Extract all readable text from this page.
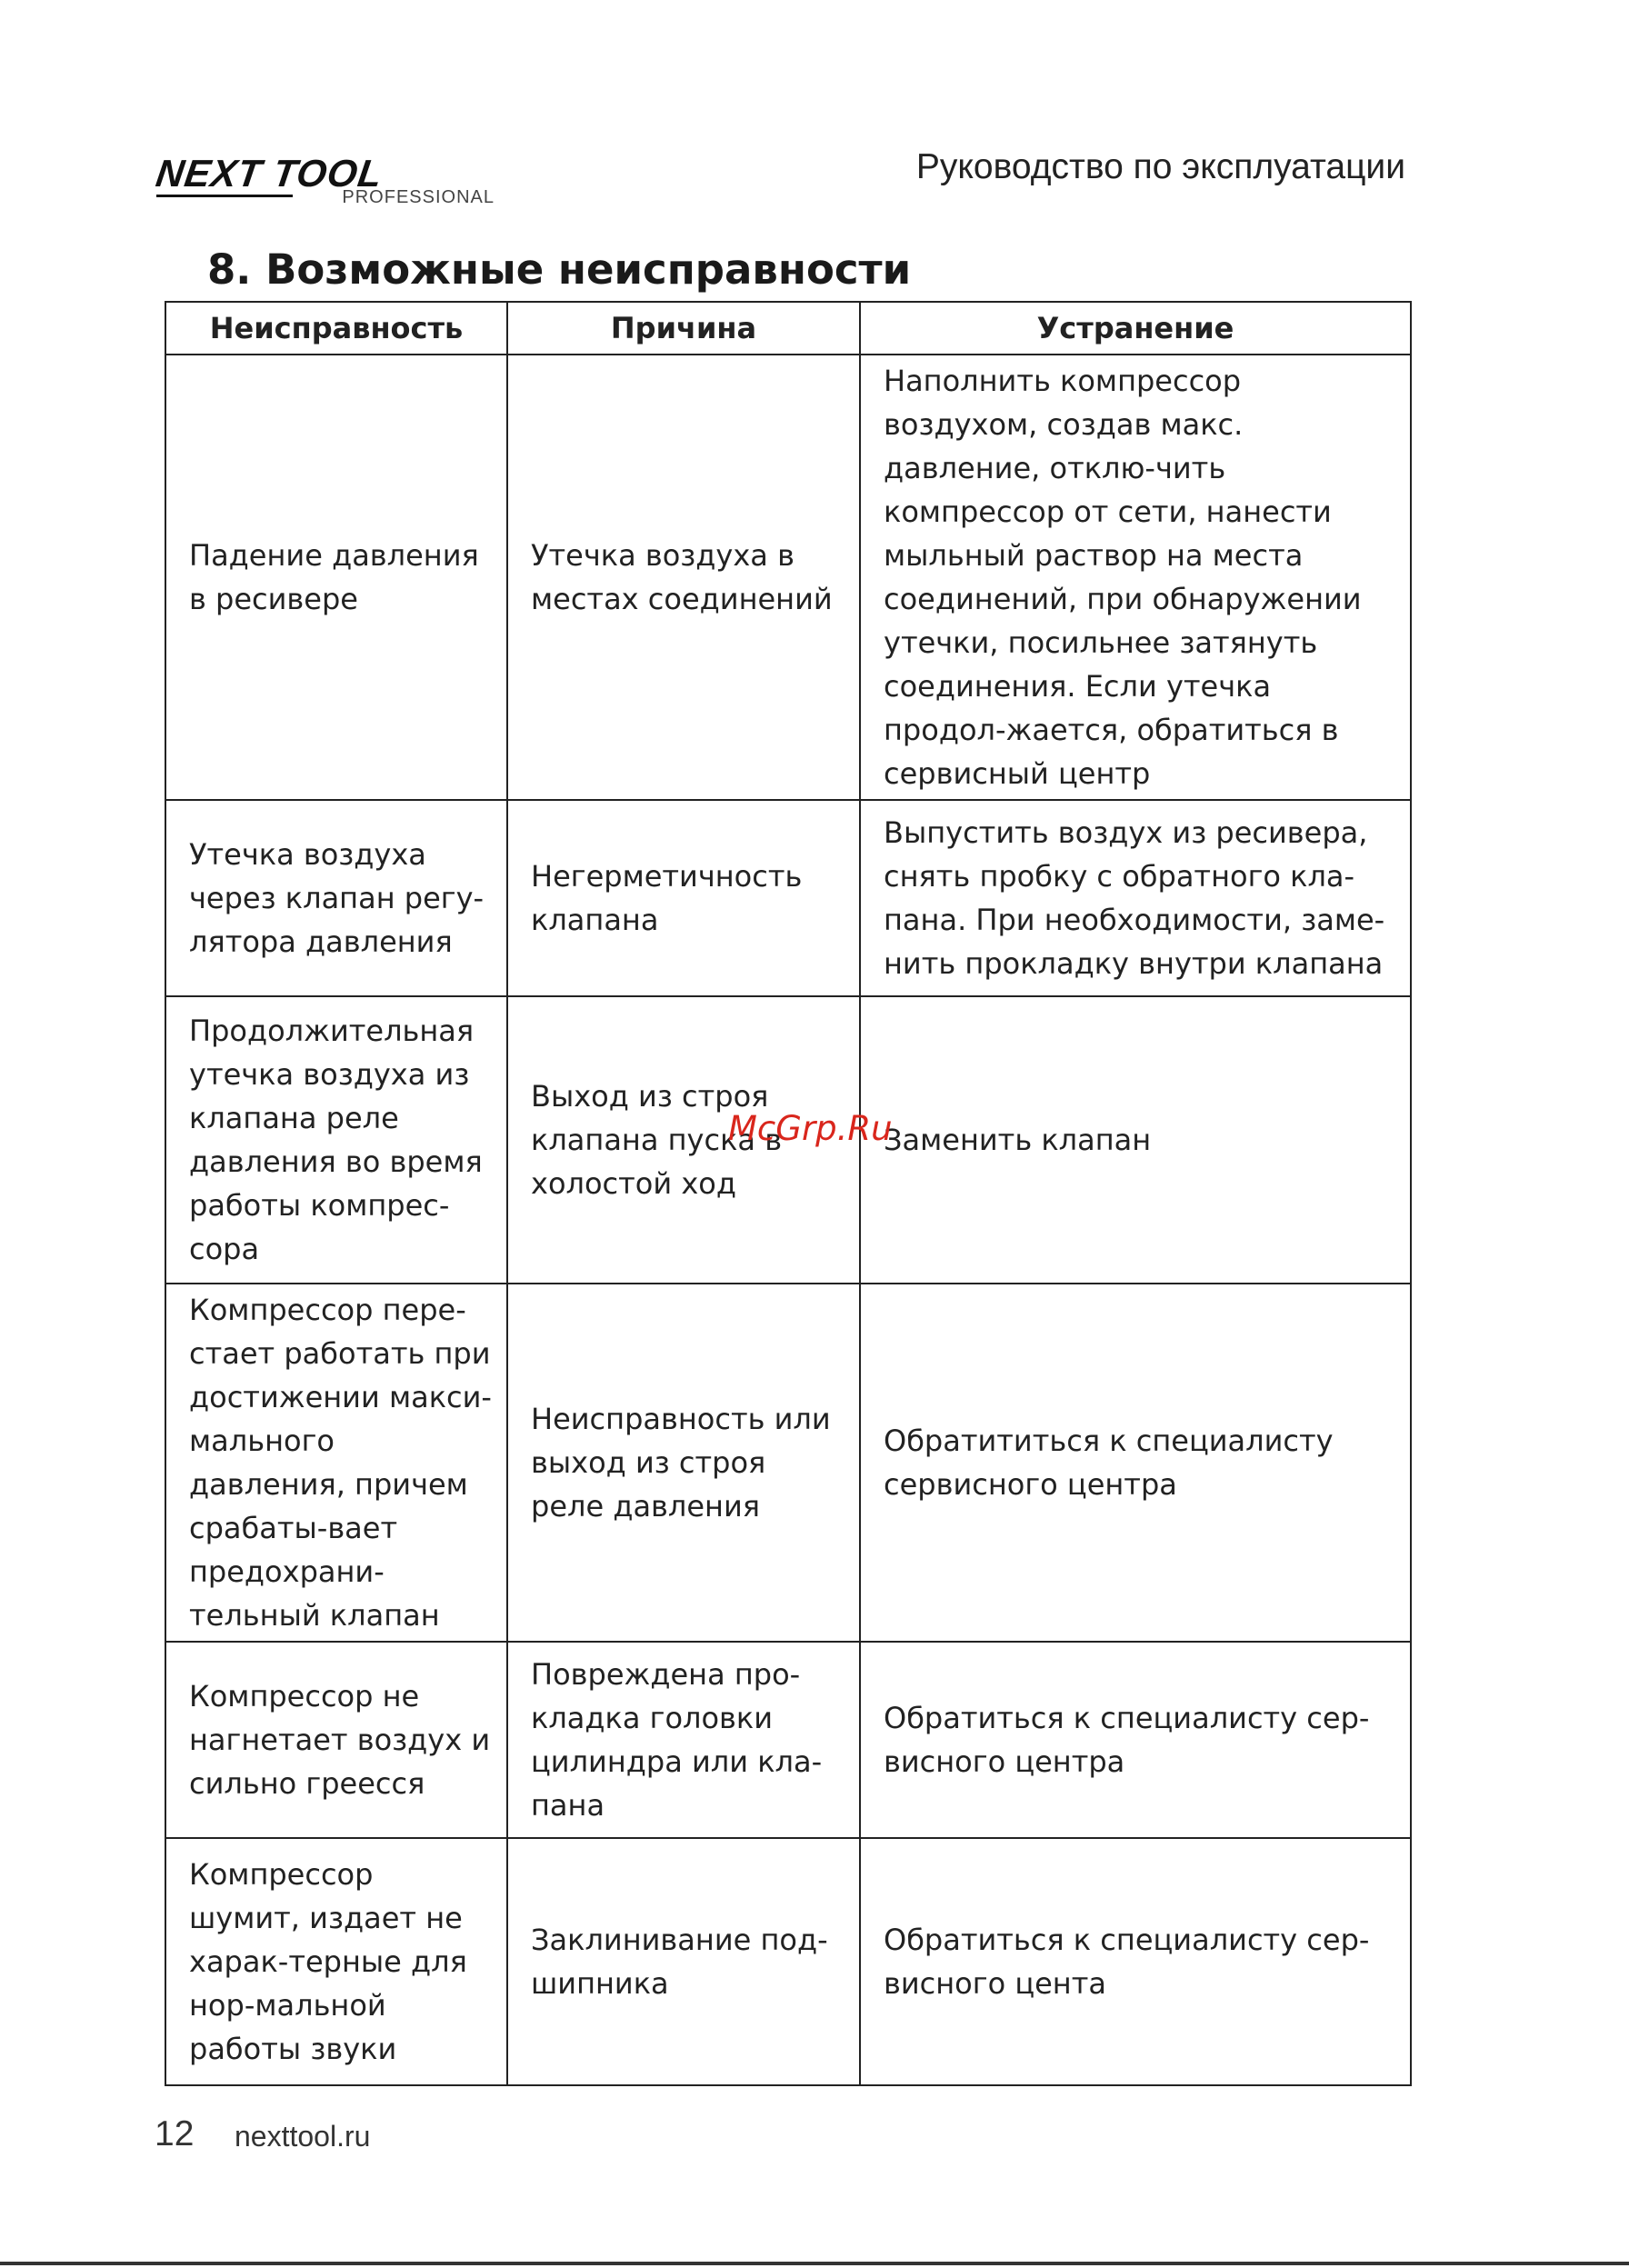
NEXT TOOL
PROFESSIONAL
Руководство по эксплуатации
8. Возможные неисправности
Неисправность	Причина	Устранение
Падение давления в ресивере	Утечка воздуха в местах соединений	Наполнить компрессор воздухом, создав макс. давление, отклю-чить компрессор от сети, нанести мыльный раствор на места соединений, при обнаружении утечки, посильнее затянуть соединения. Если утечка продол-жается, обратиться в сервисный центр
Утечка воздуха через клапан регу-лятора давления	Негерметичность клапана	Выпустить воздух из ресивера, снять пробку с обратного кла-пана. При необходимости, заме-нить прокладку внутри клапана
Продолжительная утечка воздуха из клапана реле давления во время работы компрес-сора	Выход из строя клапана пуска в холостой ход	Заменить клапан
Компрессор пере-стает работать при достижении макси-мального давления, причем срабаты-вает предохрани-тельный клапан	Неисправность или выход из строя реле давления	Обратититься к специалисту сервисного центра
Компрессор не нагнетает воздух и сильно греесся	Повреждена про-кладка головки цилиндра или кла-пана	Обратиться к специалисту сер-висного центра
Компрессор шумит, издает не харак-терные для нор-мальной работы звуки	Заклинивание под-шипника	Обратиться к специалисту сер-висного цента
McGrp.Ru
12 nexttool.ru
